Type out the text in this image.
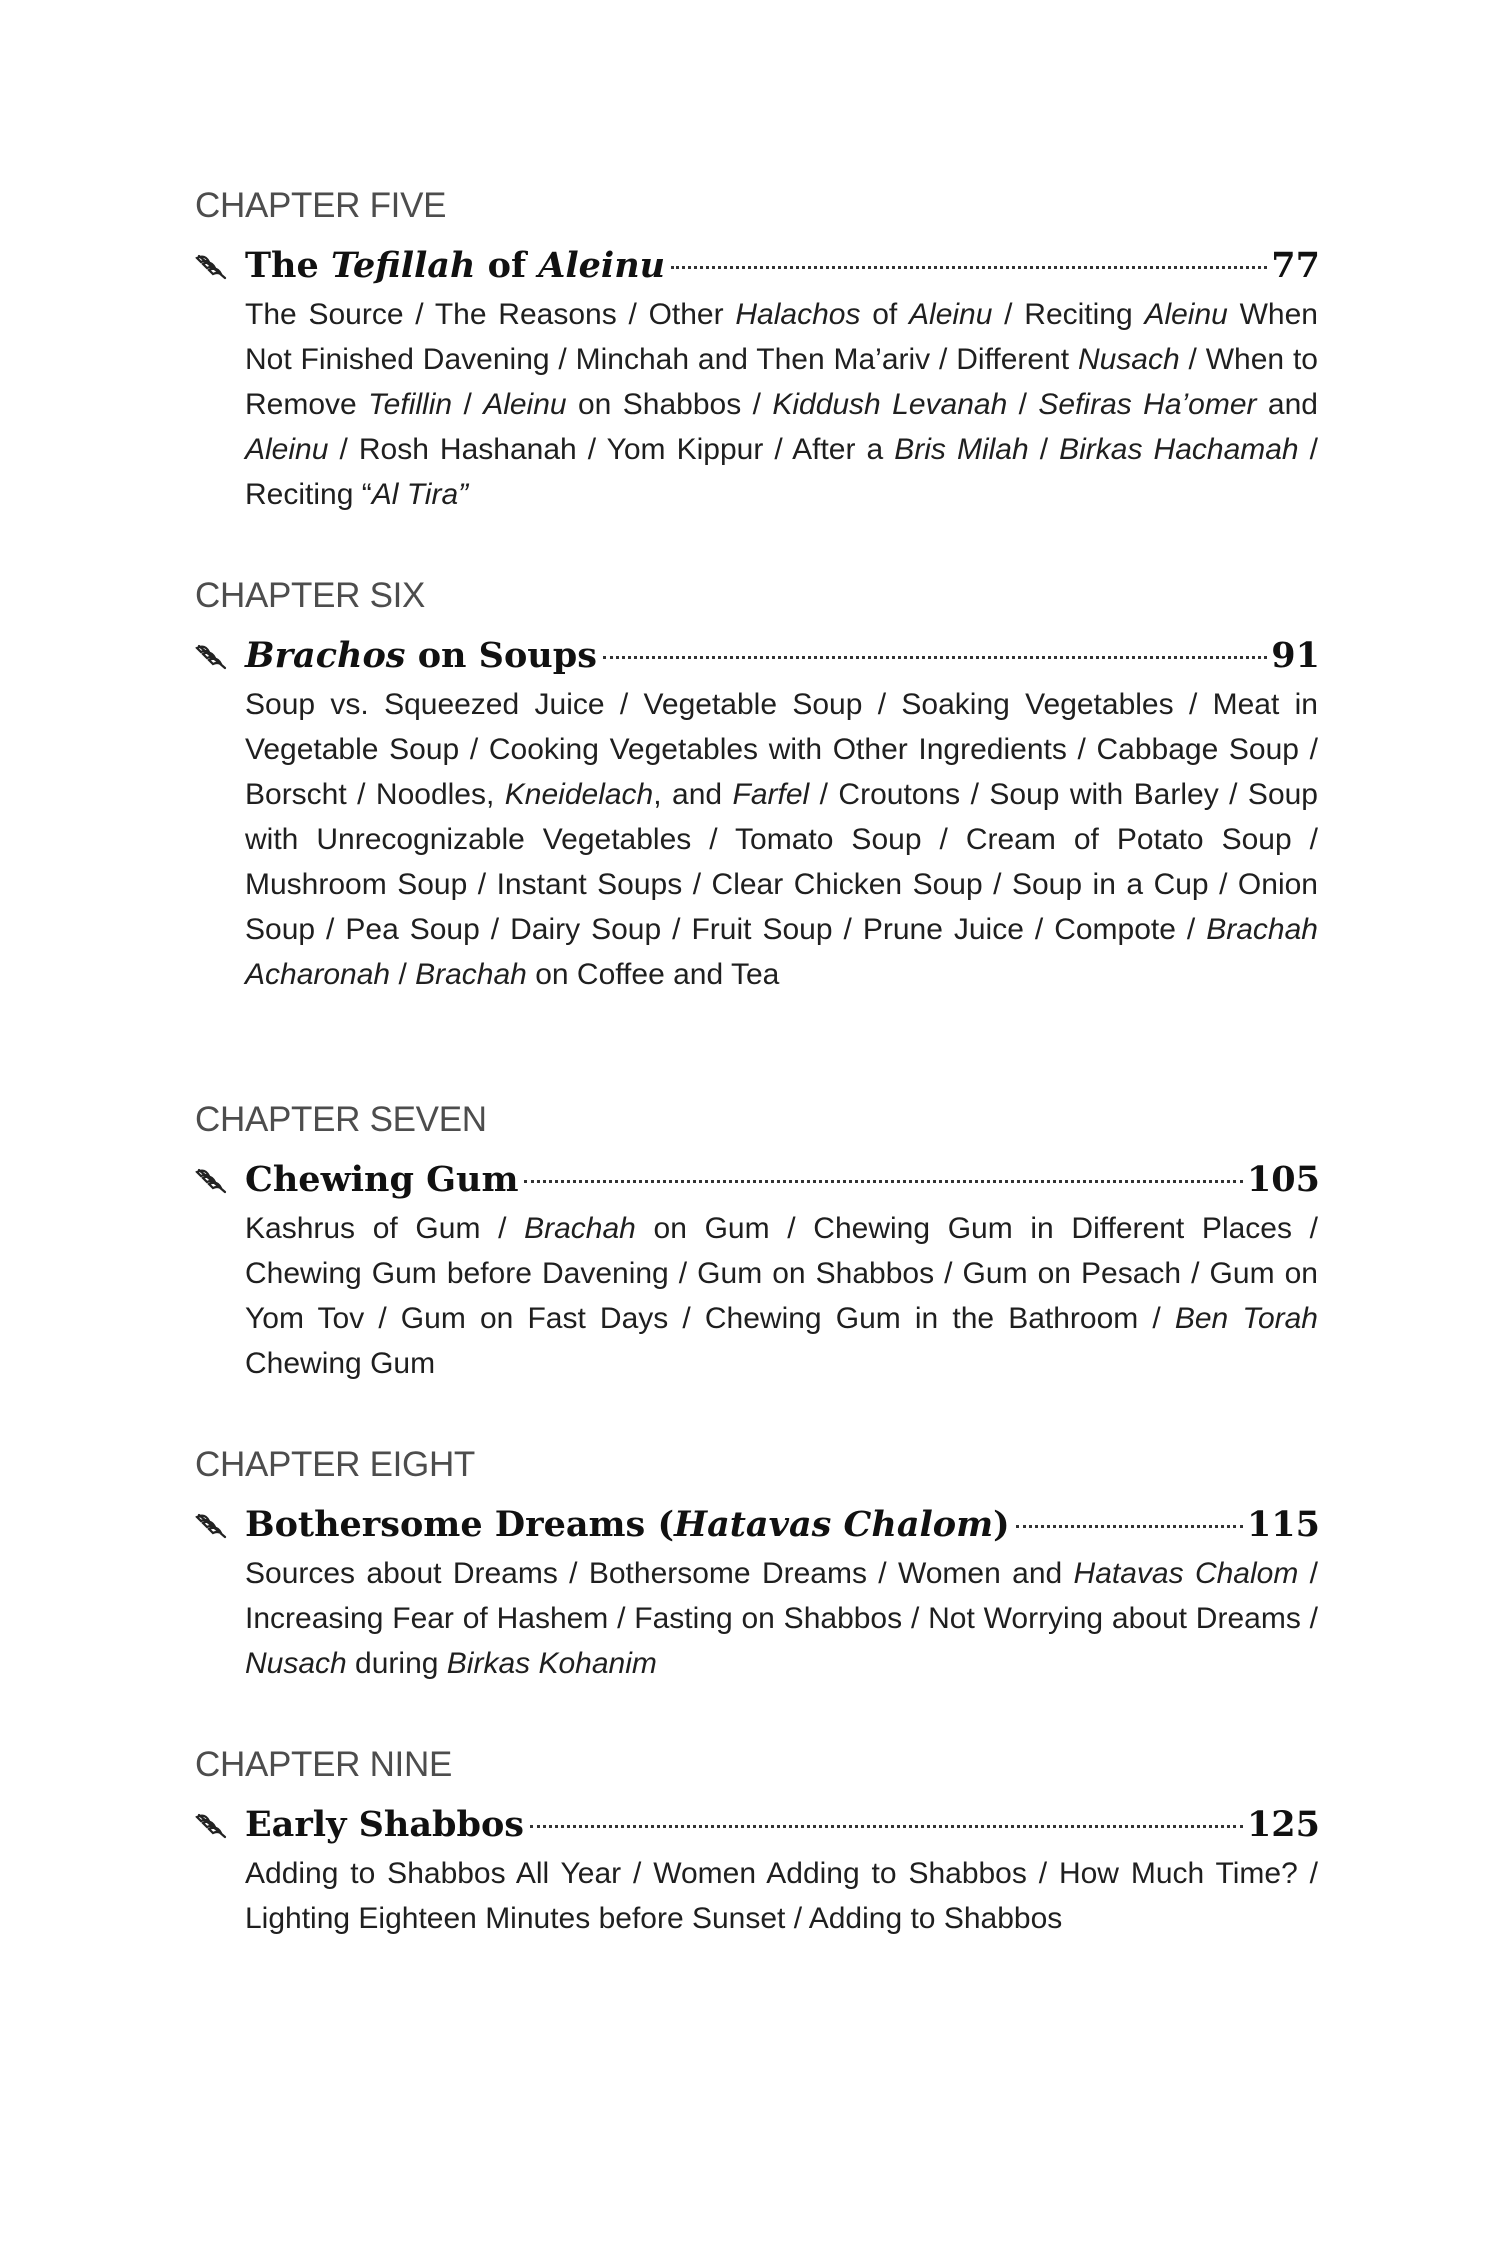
CHAPTER FIVE
The Tefillah of Aleinu	77
The Source / The Reasons / Other Halachos of Aleinu / Reciting Aleinu When Not Finished Davening / Minchah and Then Ma’ariv / Different Nusach / When to Remove Tefillin / Aleinu on Shabbos / Kiddush Levanah / Sefiras Ha’omer and Aleinu / Rosh Hashanah / Yom Kippur / After a Bris Milah / Birkas Hachamah / Reciting “Al Tira”
CHAPTER SIX
Brachos on Soups	91
Soup vs. Squeezed Juice / Vegetable Soup / Soaking Vegetables / Meat in Vegetable Soup / Cooking Vegetables with Other Ingredients / Cabbage Soup / Borscht / Noodles, Kneidelach, and Farfel / Croutons / Soup with Barley / Soup with Unrecognizable Vegetables / Tomato Soup / Cream of Potato Soup / Mushroom Soup / Instant Soups / Clear Chicken Soup / Soup in a Cup / Onion Soup / Pea Soup / Dairy Soup / Fruit Soup / Prune Juice / Compote / Brachah Acharonah / Brachah on Coffee and Tea
CHAPTER SEVEN
Chewing Gum	105
Kashrus of Gum / Brachah on Gum / Chewing Gum in Different Places / Chewing Gum before Davening / Gum on Shabbos / Gum on Pesach / Gum on Yom Tov / Gum on Fast Days / Chewing Gum in the Bathroom / Ben Torah Chewing Gum
CHAPTER EIGHT
Bothersome Dreams (Hatavas Chalom)	115
Sources about Dreams / Bothersome Dreams / Women and Hatavas Chalom / Increasing Fear of Hashem / Fasting on Shabbos / Not Worrying about Dreams / Nusach during Birkas Kohanim
CHAPTER NINE
Early Shabbos	125
Adding to Shabbos All Year / Women Adding to Shabbos / How Much Time? / Lighting Eighteen Minutes before Sunset / Adding to Shabbos
